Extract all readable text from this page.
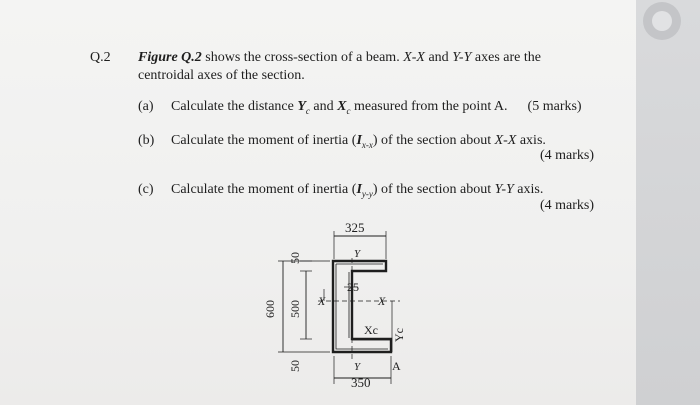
Q.2 Figure Q.2 shows the cross-section of a beam. X-X and Y-Y axes are the
centroidal axes of the section.
(a) Calculate the distance $Y_c$ and $X_c$ measured from the point A. (5 marks)
(b) Calculate the moment of inertia $(I_{x-x})$ of the section about X-X axis.
(4 marks)
(c) Calculate the moment of inertia $(I_{y-y})$ of the section about Y-Y axis.
(4 marks)
325
Y
25
X	X
Xc Yc
A
Y
350
600 500
50
50
